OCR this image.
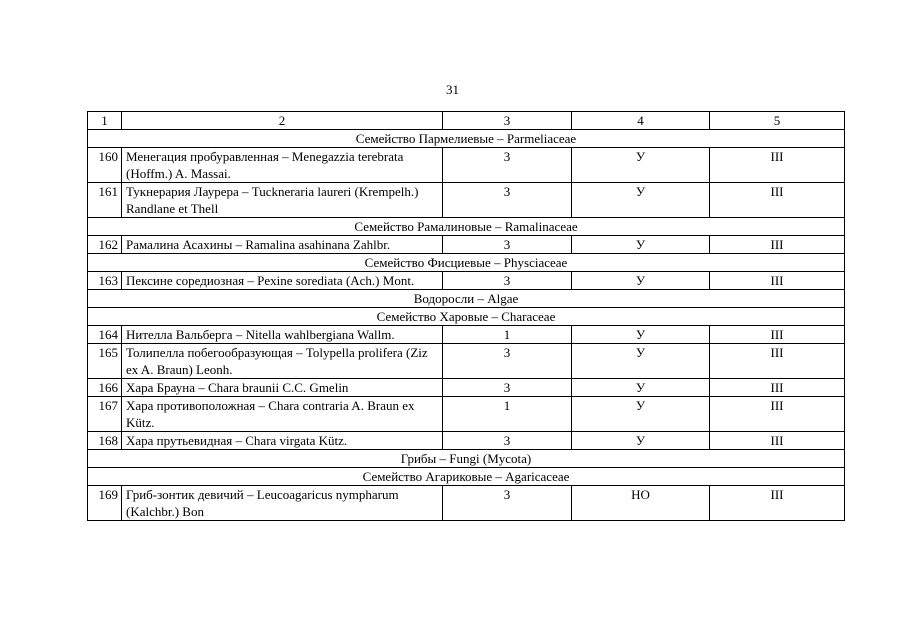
31
1	2	3	4	5
Семейство Пармелиевые – Parmeliaceae				
160	Менегация пробуравленная – Menegazzia terebrata (Hoffm.) A. Massai.	3	У	III
161	Тукнерария Лаурера – Tuckneraria laureri (Krempelh.) Randlane et Thell	3	У	III
Семейство Рамалиновые – Ramalinaceae				
162	Рамалина Асахины – Ramalina asahinana Zahlbr.	3	У	III
Семейство Фисциевые – Physciaceae				
163	Пексине соредиозная – Pexine sorediata (Ach.) Mont.	3	У	III
Водоросли – Algae				
Семейство Харовые – Characeae				
164	Нителла Вальберга – Nitella wahlbergiana Wallm.	1	У	III
165	Толипелла побегообразующая – Tolypella prolifera (Ziz ex A. Braun) Leonh.	3	У	III
166	Хара Брауна – Chara braunii C.C. Gmelin	3	У	III
167	Хара противоположная – Chara contraria A. Braun ex Kütz.	1	У	III
168	Хара прутьевидная – Chara virgata Kütz.	3	У	III
Грибы – Fungi (Mycota)				
Семейство Агариковые – Agaricaceae				
169	Гриб-зонтик девичий – Leucoagaricus nympharum (Kalchbr.) Bon	3	НО	III
